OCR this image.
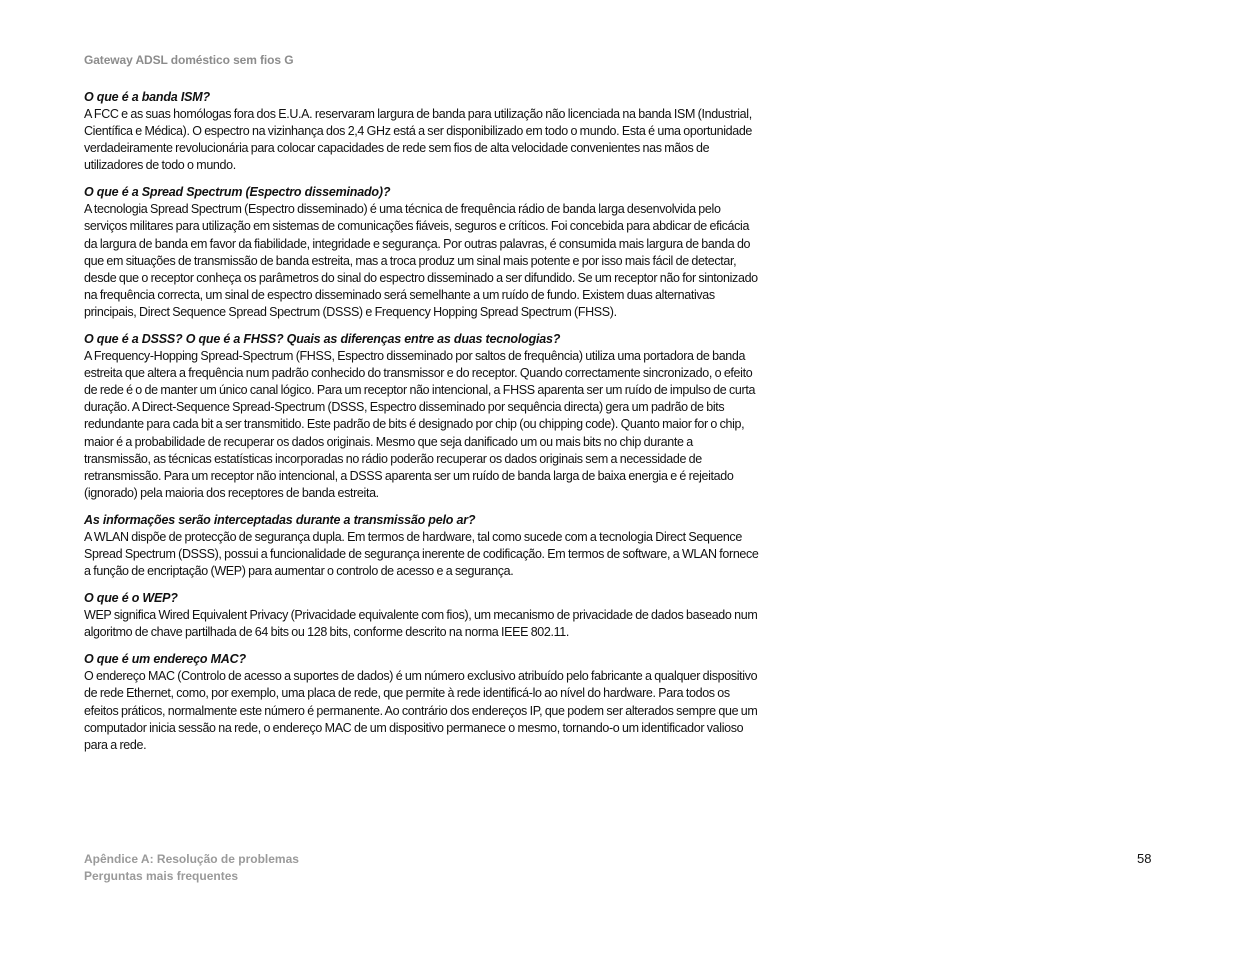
Gateway ADSL doméstico sem fios G
O que é a banda ISM?

A FCC e as suas homólogas fora dos E.U.A. reservaram largura de banda para utilização não licenciada na banda ISM (Industrial, Científica e Médica). O espectro na vizinhança dos 2,4 GHz está a ser disponibilizado em todo o mundo. Esta é uma oportunidade verdadeiramente revolucionária para colocar capacidades de rede sem fios de alta velocidade convenientes nas mãos de utilizadores de todo o mundo.

O que é a Spread Spectrum (Espectro disseminado)?

A tecnologia Spread Spectrum (Espectro disseminado) é uma técnica de frequência rádio de banda larga desenvolvida pelo serviços militares para utilização em sistemas de comunicações fiáveis, seguros e críticos. Foi concebida para abdicar de eficácia da largura de banda em favor da fiabilidade, integridade e segurança. Por outras palavras, é consumida mais largura de banda do que em situações de transmissão de banda estreita, mas a troca produz um sinal mais potente e por isso mais fácil de detectar, desde que o receptor conheça os parâmetros do sinal do espectro disseminado a ser difundido. Se um receptor não for sintonizado na frequência correcta, um sinal de espectro disseminado será semelhante a um ruído de fundo. Existem duas alternativas principais, Direct Sequence Spread Spectrum (DSSS) e Frequency Hopping Spread Spectrum (FHSS).

O que é a DSSS? O que é a FHSS? Quais as diferenças entre as duas tecnologias?

A Frequency-Hopping Spread-Spectrum (FHSS, Espectro disseminado por saltos de frequência) utiliza uma portadora de banda estreita que altera a frequência num padrão conhecido do transmissor e do receptor. Quando correctamente sincronizado, o efeito de rede é o de manter um único canal lógico. Para um receptor não intencional, a FHSS aparenta ser um ruído de impulso de curta duração. A Direct-Sequence Spread-Spectrum (DSSS, Espectro disseminado por sequência directa) gera um padrão de bits redundante para cada bit a ser transmitido. Este padrão de bits é designado por chip (ou chipping code). Quanto maior for o chip, maior é a probabilidade de recuperar os dados originais. Mesmo que seja danificado um ou mais bits no chip durante a transmissão, as técnicas estatísticas incorporadas no rádio poderão recuperar os dados originais sem a necessidade de retransmissão. Para um receptor não intencional, a DSSS aparenta ser um ruído de banda larga de baixa energia e é rejeitado (ignorado) pela maioria dos receptores de banda estreita.

As informações serão interceptadas durante a transmissão pelo ar?

A WLAN dispõe de protecção de segurança dupla. Em termos de hardware, tal como sucede com a tecnologia Direct Sequence Spread Spectrum (DSSS), possui a funcionalidade de segurança inerente de codificação. Em termos de software, a WLAN fornece a função de encriptação (WEP) para aumentar o controlo de acesso e a segurança.

O que é o WEP?

WEP significa Wired Equivalent Privacy (Privacidade equivalente com fios), um mecanismo de privacidade de dados baseado num algoritmo de chave partilhada de 64 bits ou 128 bits, conforme descrito na norma IEEE 802.11.

O que é um endereço MAC?

O endereço MAC (Controlo de acesso a suportes de dados) é um número exclusivo atribuído pelo fabricante a qualquer dispositivo de rede Ethernet, como, por exemplo, uma placa de rede, que permite à rede identificá-lo ao nível do hardware. Para todos os efeitos práticos, normalmente este número é permanente. Ao contrário dos endereços IP, que podem ser alterados sempre que um computador inicia sessão na rede, o endereço MAC de um dispositivo permanece o mesmo, tornando-o um identificador valioso para a rede.

Apêndice A: Resolução de problemas
Perguntas mais frequentes
58
